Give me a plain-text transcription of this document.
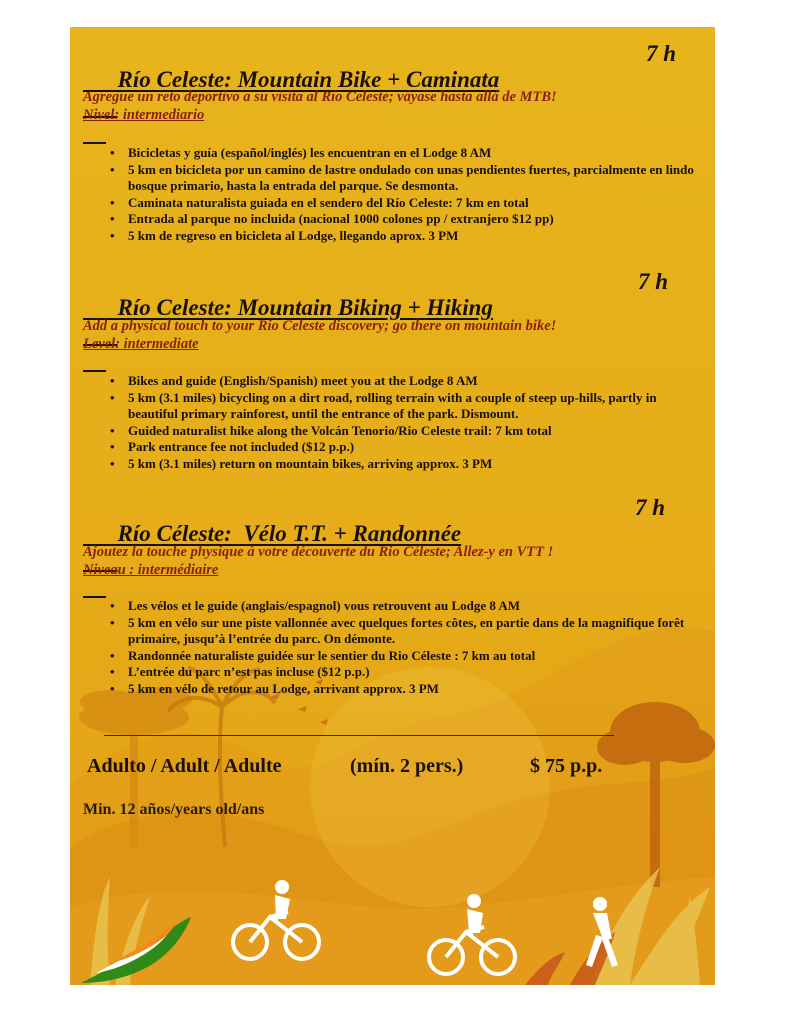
Río Celeste: Mountain Bike + Caminata

7 h

Agregue un reto deportivo a su visita al Río Celeste; váyase hasta allá de MTB!
Nivel: intermediario
• Bicicletas y guía (español/inglés) les encuentran en el Lodge 8 AM
• 5 km en bicicleta por un camino de lastre ondulado con unas pendientes fuertes, parcialmente en lindo bosque primario, hasta la entrada del parque. Se desmonta.
• Caminata naturalista guiada en el sendero del Río Celeste: 7 km en total
• Entrada al parque no incluida (nacional 1000 colones pp / extranjero $12 pp)
• 5 km de regreso en bicicleta al Lodge, llegando aprox. 3 PM

Río Celeste: Mountain Biking + Hiking

7 h

Add a physical touch to your Rio Celeste discovery; go there on mountain bike!
Level: intermediate
• Bikes and guide (English/Spanish) meet you at the Lodge 8 AM
• 5 km (3.1 miles) bicycling on a dirt road, rolling terrain with a couple of steep up-hills, partly in beautiful primary rainforest, until the entrance of the park. Dismount.
• Guided naturalist hike along the Volcán Tenorio/Rio Celeste trail: 7 km total
• Park entrance fee not included ($12 p.p.)
• 5 km (3.1 miles) return on mountain bikes, arriving approx. 3 PM

Río Céleste:  Vélo T.T. + Randonnée

7 h

Ajoutez la touche physique à votre découverte du Rio Céleste; Allez-y en VTT !
Niveau : intermédiaire
• Les vélos et le guide (anglais/espagnol) vous retrouvent au Lodge 8 AM
• 5 km en vélo sur une piste vallonnée avec quelques fortes côtes, en partie dans de la magnifique forêt primaire, jusqu’à l’entrée du parc. On démonte.
• Randonnée naturaliste guidée sur le sentier du Rio Céleste : 7 km au total
• L’entrée du parc n’est pas incluse ($12 p.p.)
• 5 km en vélo de retour au Lodge, arrivant approx. 3 PM
Adulto / Adult / Adulte	(mín. 2 pers.)	$ 75 p.p.
Min. 12 años/years old/ans
